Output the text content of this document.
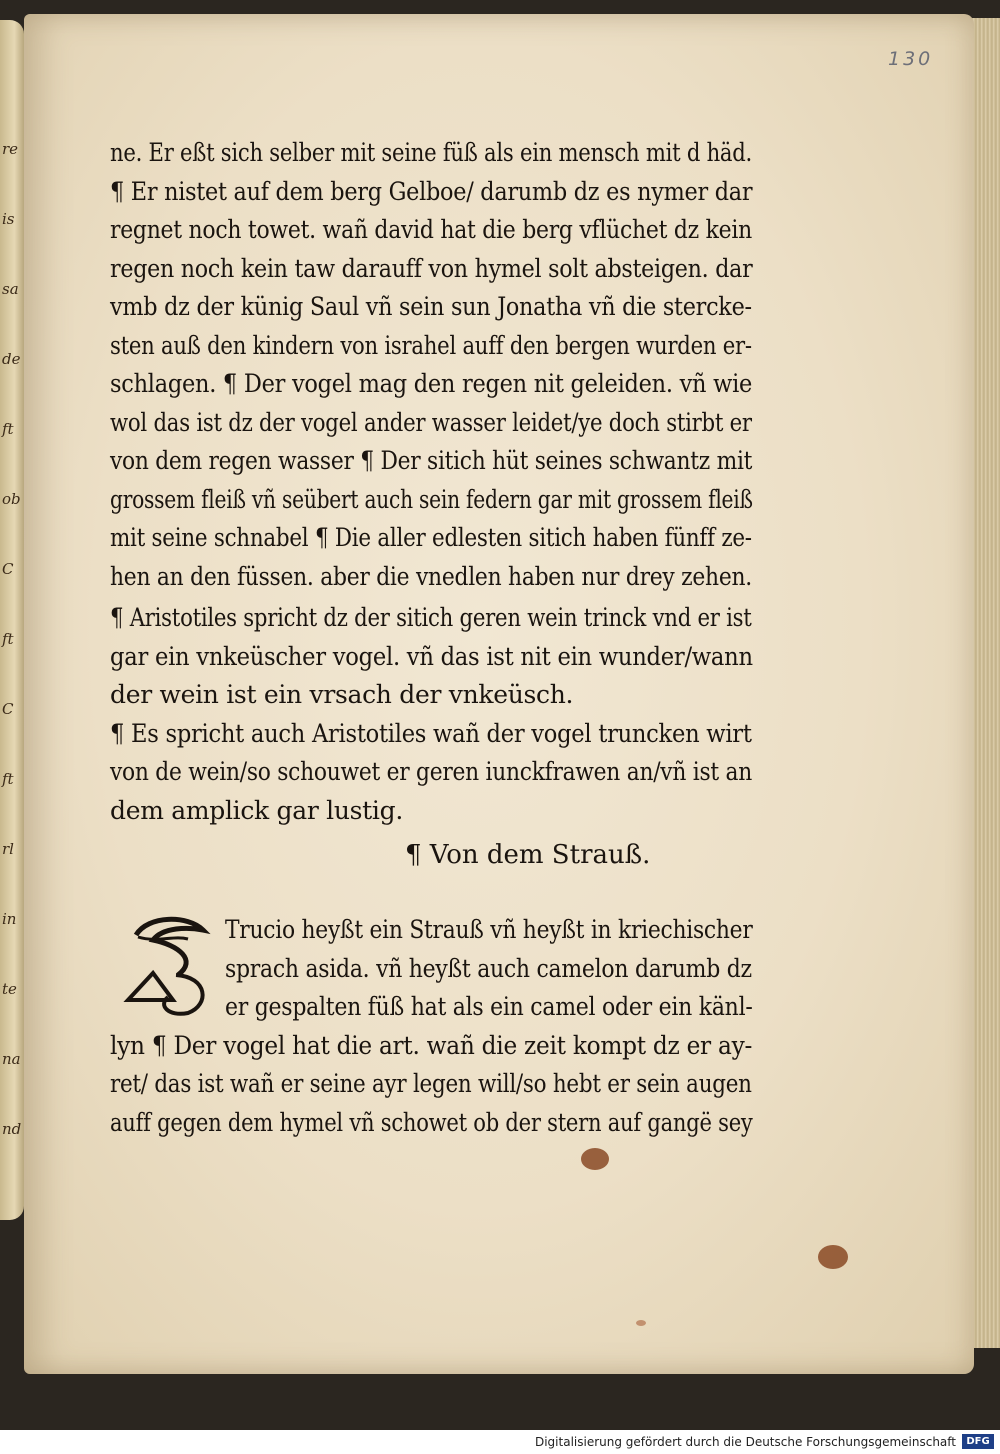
re
is
sa
de
ft
ob
C
ft
C
ft
rl
in
te
na
nd
130
ne. Er eßt sich selber mit seine füß als ein mensch mit d häd.
¶ Er nistet auf dem berg Gelboe/ darumb dz es nymer dar
regnet noch towet. wañ david hat die berg vflüchet dz kein
regen noch kein taw darauff von hymel solt absteigen. dar
vmb dz der künig Saul vñ sein sun Jonatha vñ die sterckе-
sten auß den kindern von israhel auff den bergen wurden er-
schlagen. ¶ Der vogel mag den regen nit geleiden. vñ wie
wol das ist dz der vogel ander wasser leidet/ye doch stirbt er
von dem regen wasser ¶ Der sitich hüt seines schwantz mit
grossem fleiß vñ seübert auch sein federn gar mit grossem fleiß
mit seine schnabel ¶ Die aller edlesten sitich haben fünff ze-
hen an den füssen. aber die vnedlen haben nur drey zehen.
¶ Aristotiles spricht dz der sitich geren wein trinck vnd er ist
gar ein vnkeüscher vogel. vñ das ist nit ein wunder/wann
der wein ist ein vrsach der vnkeüsch.
¶ Es spricht auch Aristotiles wañ der vogel truncken wirt
von de wein/so schouwet er geren iunckfrawen an/vñ ist an
dem amplick gar lustig.
Trucio heyßt ein Strauß vñ heyßt in kriechischer
sprach asida. vñ heyßt auch camelon darumb dz
er gespalten füß hat als ein camel oder ein känl-
lyn ¶ Der vogel hat die art. wañ die zeit kompt dz er ay-
ret/ das ist wañ er seine ayr legen will/so hebt er sein augen
auff gegen dem hymel vñ schowet ob der stern auf gangё sey
¶ Von dem Strauß.
Digitalisierung gefördert durch die Deutsche Forschungsgemeinschaft	DFG
